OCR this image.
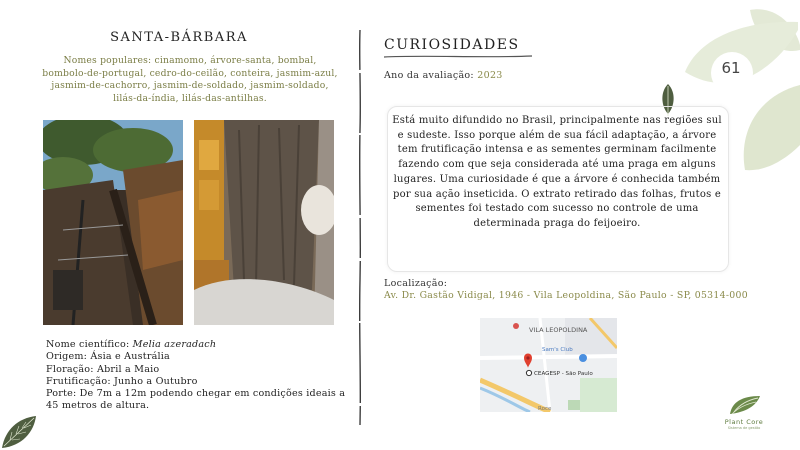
61
SANTA-BÁRBARA
Nomes populares: cinamomo, árvore-santa, bombal, bombolo-de-portugal, cedro-do-ceilão, conteira, jasmim-azul, jasmim-de-cachorro, jasmim-de-soldado, jasmim-soldado, lilás-da-índia, lilás-das-antilhas.
Nome científico: Melia azeradach
Origem: Ásia e Austrália
Floração: Abril a Maio
Frutificação: Junho a Outubro
Porte: De 7m a 12m podendo chegar em condições ideais a 45 metros de altura.
CURIOSIDADES
Ano da avaliação: 2023
Está muito difundido no Brasil, principalmente nas regiões sul e sudeste. Isso porque além de sua fácil adaptação, a árvore tem frutificação intensa e as sementes germinam facilmente fazendo com que seja considerada até uma praga em alguns lugares. Uma curiosidade é que a árvore é conhecida também por sua ação inseticida. O extrato retirado das folhas, frutos e sementes foi testado com sucesso no controle de uma determinada praga do feijoeiro.
Localização:
Av. Dr. Gastão Vidigal, 1946 - Vila Leopoldina, São Paulo - SP, 05314-000
VILA LEOPOLDINA
Sam's Club
CEAGESP - São Paulo
Roce
Plant Core
Sistema de gestão
